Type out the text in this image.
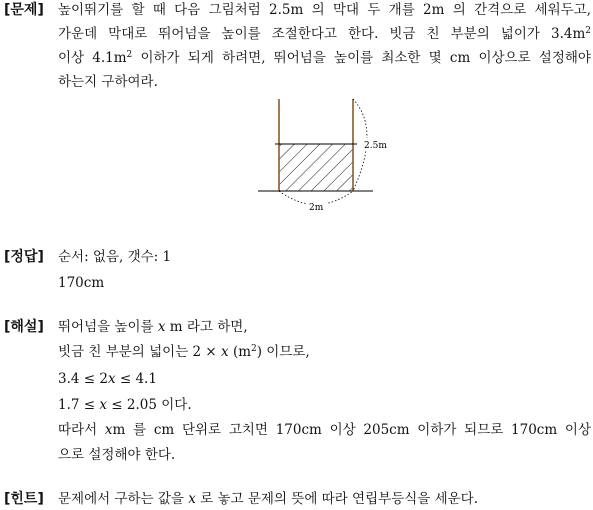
[문제] 높이뛰기를 할 때 다음 그림처럼 2.5m 의 막대 두 개를 2m 의 간격으로 세워두고,
가운데 막대로 뛰어넘을 높이를 조절한다고 한다. 빗금 친 부분의 넓이가 $3.4m^2$
이상 $4.1m^2$ 이하가 되게 하려면, 뛰어넘을 높이를 최소한 몇 cm 이상으로 설정해야
하는지 구하여라.
2.5m
2m
[정답] 순서: 없음, 갯수: 1
170cm
[해설] 뛰어넘을 높이를 x m 라고 하면,
빗금 친 부분의 넓이는 2 × x $(m^2)$ 이므로,
3.4 ≤ 2x ≤ 4.1
1.7 ≤ x ≤ 2.05 이다.
따라서 xm 를 cm 단위로 고치면 170cm 이상 205cm 이하가 되므로 170cm 이상
으로 설정해야 한다.
[힌트] 문제에서 구하는 값을 x 로 놓고 문제의 뜻에 따라 연립부등식을 세운다.
